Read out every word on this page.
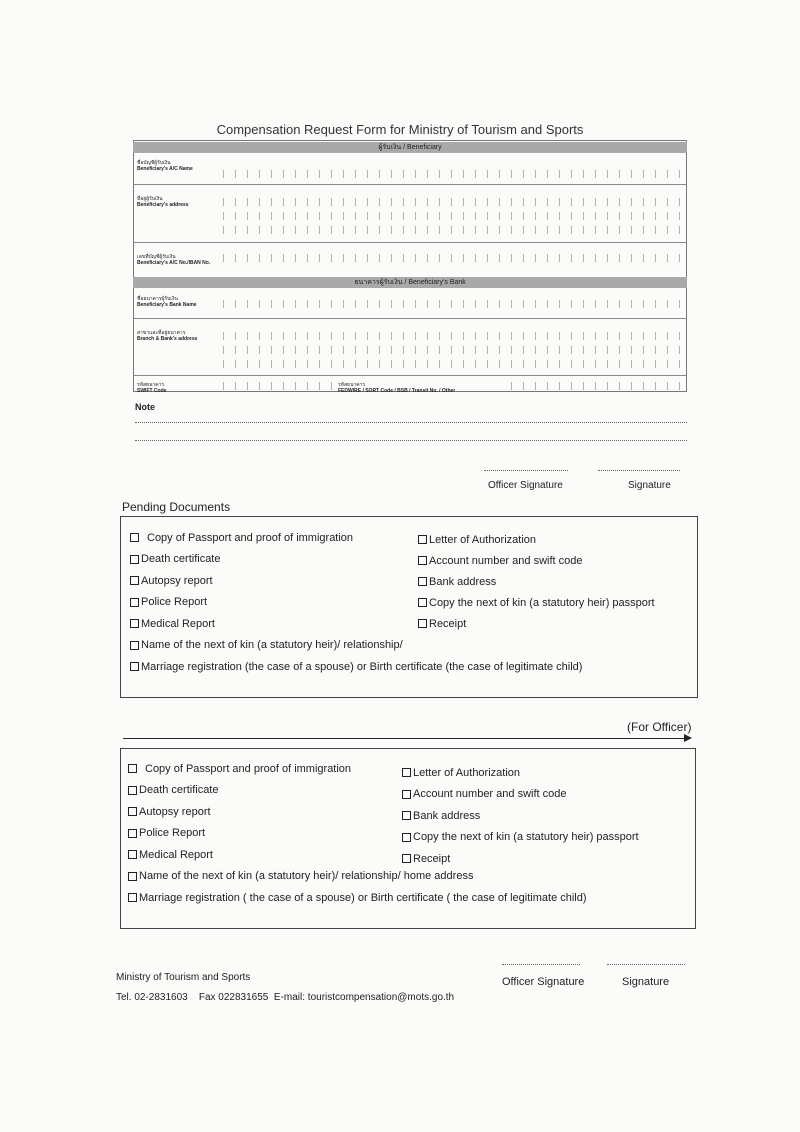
Compensation Request Form for Ministry of Tourism and Sports
ผู้รับเงิน / Beneficiary
ชื่อบัญชีผู้รับเงิน
Beneficiary's A/C Name
ที่อยู่ผู้รับเงิน
Beneficiary's address
เลขที่บัญชีผู้รับเงิน
Beneficiary's A/C No./IBAN No.
ธนาคารผู้รับเงิน / Beneficiary's Bank
ชื่อธนาคารผู้รับเงิน
Beneficiary's Bank Name
สาขาและที่อยู่ธนาคาร
Branch & Bank's address
รหัสธนาคาร
SWIFT Code
รหัสธนาคาร
FEDWIRE / SORT Code / BSB / Transit No. / Other
Note
Officer Signature	Signature
Pending Documents
Copy of Passport and proof of immigration
Death certificate
Autopsy report
Police Report
Medical Report
Name of the next of kin (a statutory heir)/ relationship/
Marriage registration (the case of a spouse) or Birth certificate (the case of legitimate child)
Letter of Authorization
Account number and swift code
Bank address
Copy the next of kin (a statutory heir) passport
Receipt
(For Officer)
Copy of Passport and proof of immigration
Death certificate
Autopsy report
Police Report
Medical Report
Name of the next of kin (a statutory heir)/ relationship/ home address
Marriage registration ( the case of a spouse) or Birth certificate ( the case of legitimate child)
Letter of Authorization
Account number and swift code
Bank address
Copy the next of kin (a statutory heir) passport
Receipt
Ministry of Tourism and Sports
Tel. 02-2831603    Fax 022831655  E-mail: touristcompensation@mots.go.th
Officer Signature	Signature
